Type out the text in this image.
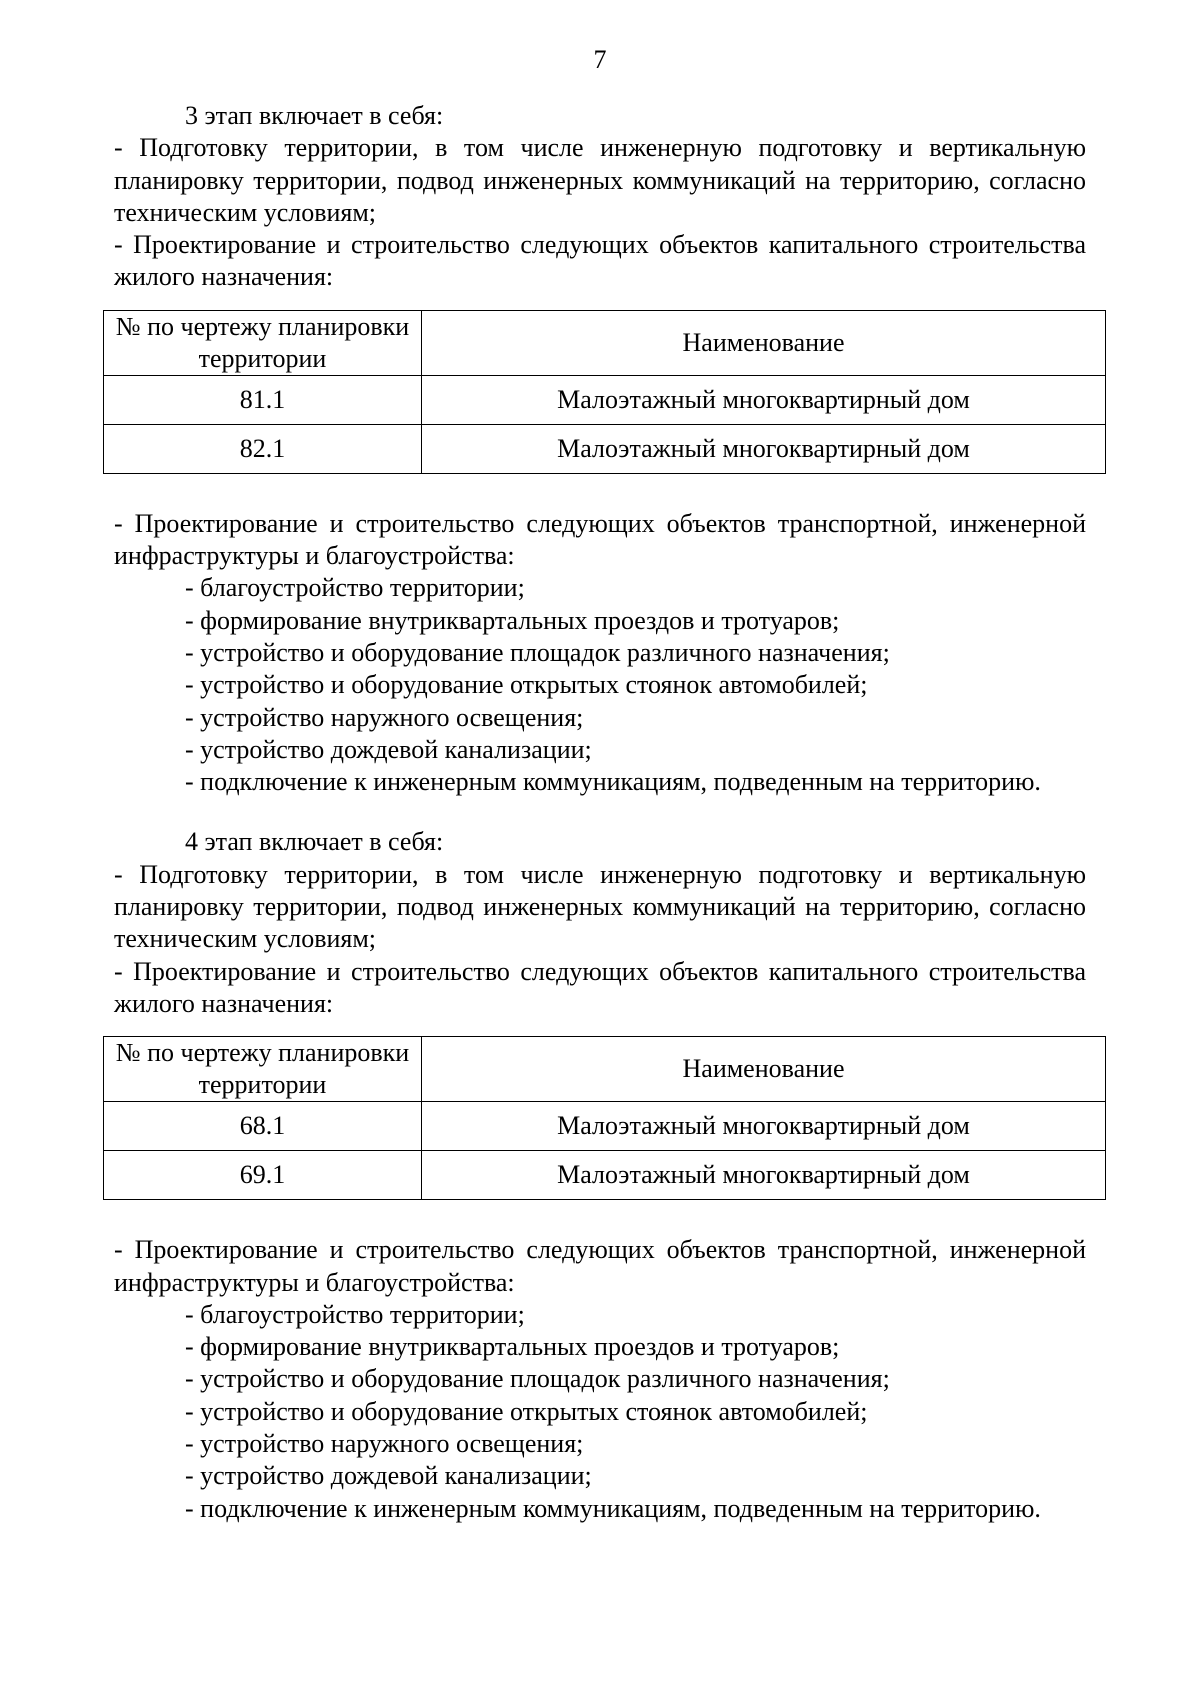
7

3 этап включает в себя:

- Подготовку территории, в том числе инженерную подготовку и вертикальную планировку территории, подвод инженерных коммуникаций на территорию, согласно техническим условиям;

- Проектирование и строительство следующих объектов капитального строительства жилого назначения:

№ по чертежу планировки территории	Наименование
81.1	Малоэтажный многоквартирный дом
82.1	Малоэтажный многоквартирный дом

- Проектирование и строительство следующих объектов транспортной, инженерной инфраструктуры и благоустройства:

- благоустройство территории;

- формирование внутриквартальных проездов и тротуаров;

- устройство и оборудование площадок различного назначения;

- устройство и оборудование открытых стоянок автомобилей;

- устройство наружного освещения;

- устройство дождевой канализации;

- подключение к инженерным коммуникациям, подведенным на территорию.

4 этап включает в себя:

- Подготовку территории, в том числе инженерную подготовку и вертикальную планировку территории, подвод инженерных коммуникаций на территорию, согласно техническим условиям;

- Проектирование и строительство следующих объектов капитального строительства жилого назначения:

№ по чертежу планировки территории	Наименование
68.1	Малоэтажный многоквартирный дом
69.1	Малоэтажный многоквартирный дом

- Проектирование и строительство следующих объектов транспортной, инженерной инфраструктуры и благоустройства:

- благоустройство территории;

- формирование внутриквартальных проездов и тротуаров;

- устройство и оборудование площадок различного назначения;

- устройство и оборудование открытых стоянок автомобилей;

- устройство наружного освещения;

- устройство дождевой канализации;

- подключение к инженерным коммуникациям, подведенным на территорию.
